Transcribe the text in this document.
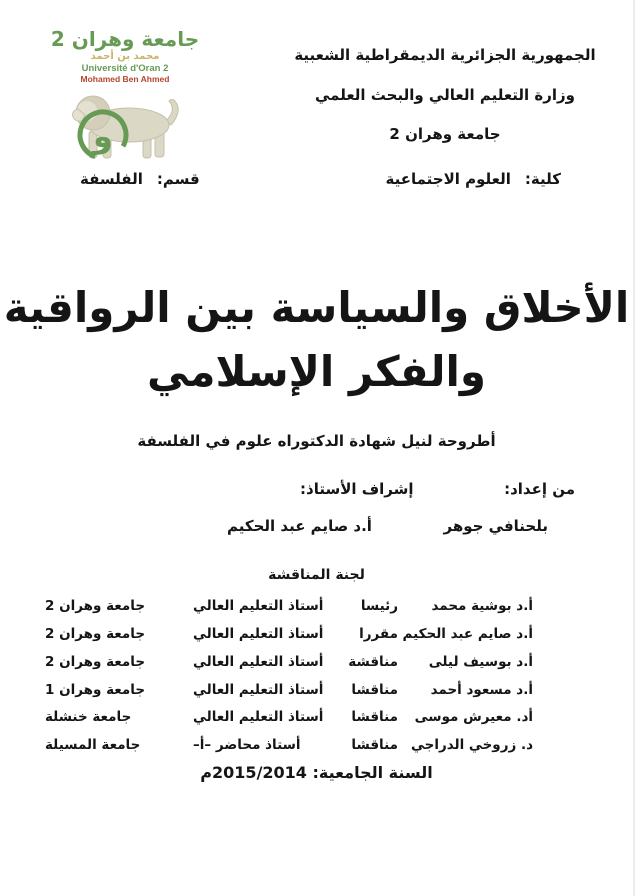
جامعة وهران 2
محمد بن أحمد
Université d'Oran 2
Mohamed Ben Ahmed
و
الجمهورية الجزائرية الديمقراطية الشعبية
وزارة التعليم العالي والبحث العلمي
جامعة وهران 2
كلية:العلوم الاجتماعية
قسم:الفلسفة
الأخلاق والسياسة بين الرواقية
والفكر الإسلامي
أطروحة لنيل شهادة الدكتوراه علوم في الفلسفة
من إعداد:
إشراف الأستاذ:
بلحنافي جوهر
أ.د صايم عبد الحكيم
لجنة المناقشة
أ.د بوشية محمد
رئيسا
أستاذ التعليم العالي
جامعة وهران 2
أ.د صايم عبد الحكيم
مقررا
أستاذ التعليم العالي
جامعة وهران 2
أ.د بوسيف ليلى
مناقشة
أستاذ التعليم العالي
جامعة وهران 2
أ.د مسعود أحمد
مناقشا
أستاذ التعليم العالي
جامعة وهران 1
أد. معيرش موسى
مناقشا
أستاذ التعليم العالي
جامعة خنشلة
د. زروخي الدراجي
مناقشا
أستاذ محاضر –أ–
جامعة المسيلة
السنة الجامعية: 2014‏/2015م
